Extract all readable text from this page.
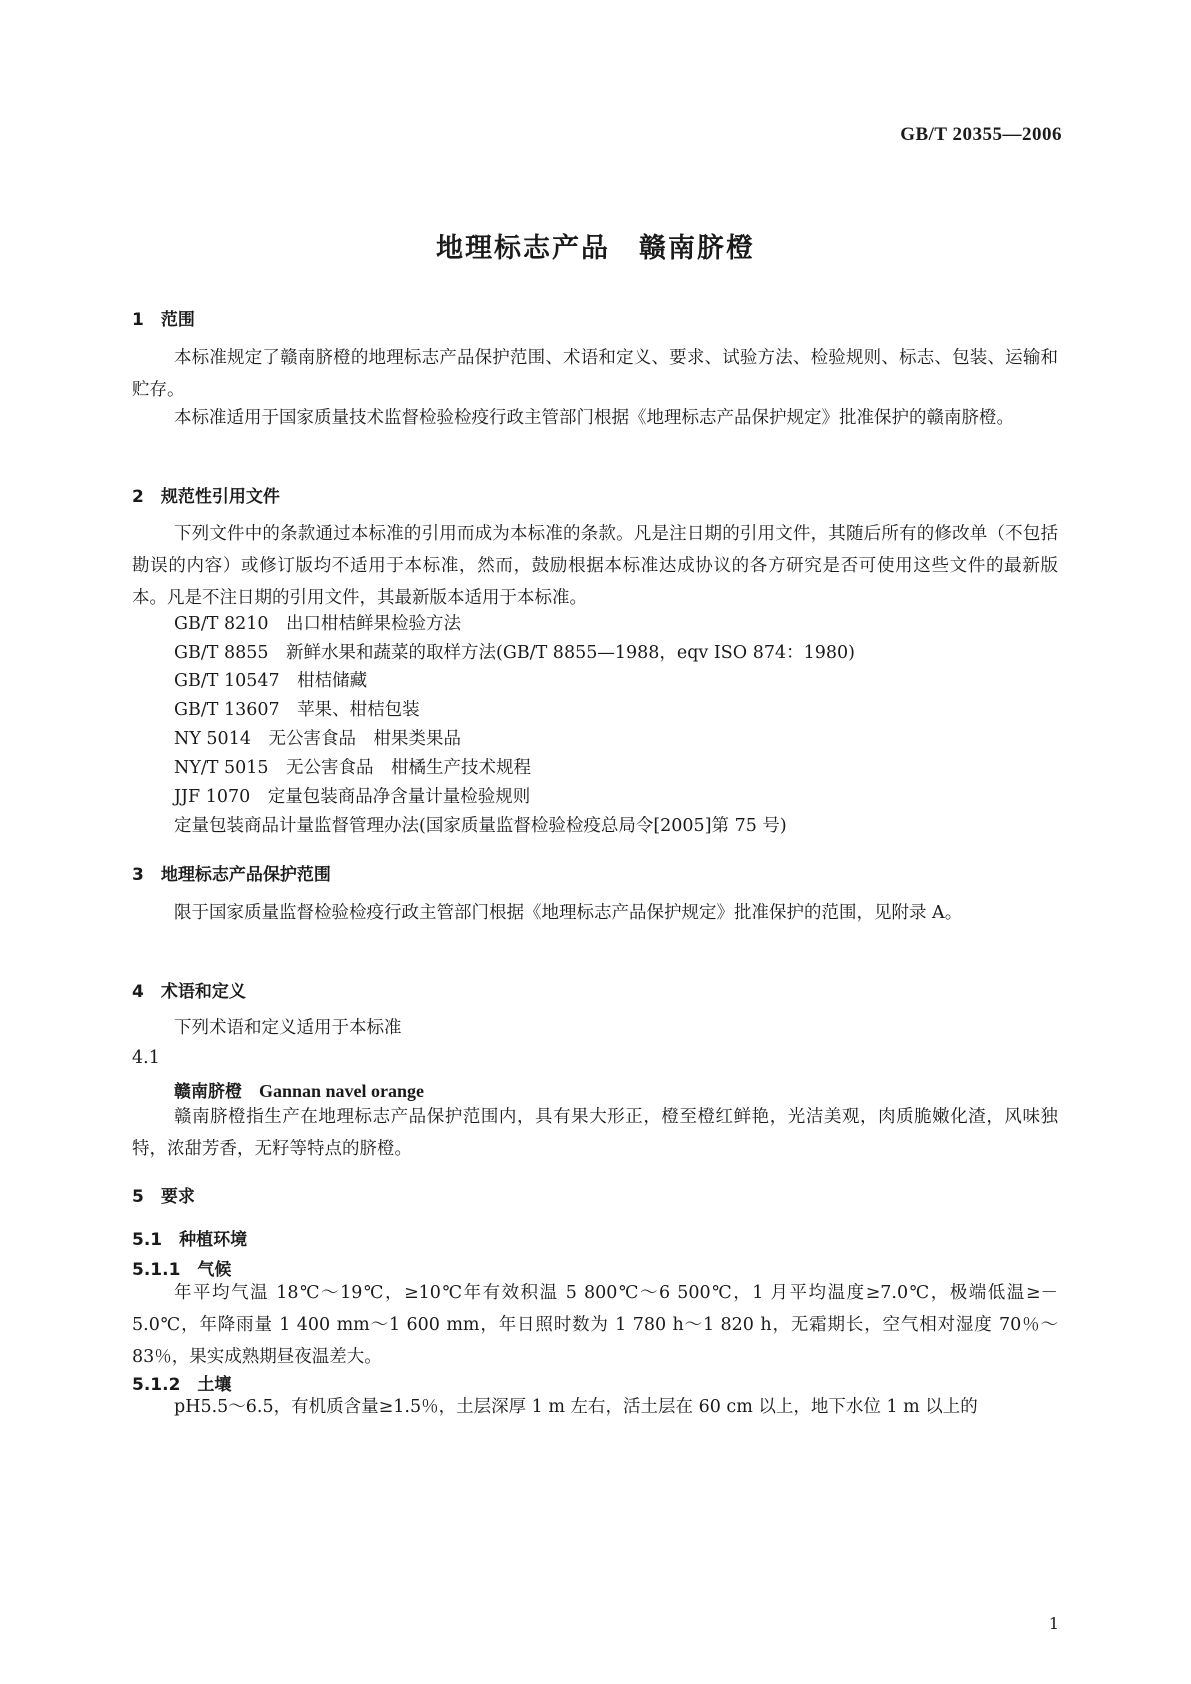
GB/T 20355—2006
地理标志产品　赣南脐橙
1　范围
本标准规定了赣南脐橙的地理标志产品保护范围、术语和定义、要求、试验方法、检验规则、标志、包装、运输和贮存。
本标准适用于国家质量技术监督检验检疫行政主管部门根据《地理标志产品保护规定》批准保护的赣南脐橙。
2　规范性引用文件
下列文件中的条款通过本标准的引用而成为本标准的条款。凡是注日期的引用文件，其随后所有的修改单（不包括勘误的内容）或修订版均不适用于本标准，然而，鼓励根据本标准达成协议的各方研究是否可使用这些文件的最新版本。凡是不注日期的引用文件，其最新版本适用于本标准。
GB/T 8210　出口柑桔鲜果检验方法
GB/T 8855　新鲜水果和蔬菜的取样方法(GB/T 8855—1988，eqv ISO 874：1980)
GB/T 10547　柑桔储藏
GB/T 13607　苹果、柑桔包装
NY 5014　无公害食品　柑果类果品
NY/T 5015　无公害食品　柑橘生产技术规程
JJF 1070　定量包装商品净含量计量检验规则
定量包装商品计量监督管理办法(国家质量监督检验检疫总局令[2005]第 75 号)
3　地理标志产品保护范围
限于国家质量监督检验检疫行政主管部门根据《地理标志产品保护规定》批准保护的范围，见附录 A。
4　术语和定义
下列术语和定义适用于本标准
4.1
赣南脐橙　 Gannan navel orange
赣南脐橙指生产在地理标志产品保护范围内，具有果大形正，橙至橙红鲜艳，光洁美观，肉质脆嫩化渣，风味独特，浓甜芳香，无籽等特点的脐橙。
5　要求
5.1　种植环境
5.1.1　气候
年平均气温 18℃～19℃，≥10℃年有效积温 5 800℃～6 500℃，1 月平均温度≥7.0℃，极端低温≥－5.0℃，年降雨量 1 400 mm～1 600 mm，年日照时数为 1 780 h～1 820 h，无霜期长，空气相对湿度 70％～83％，果实成熟期昼夜温差大。
5.1.2　土壤
pH5.5～6.5，有机质含量≥1.5％，土层深厚 1 m 左右，活土层在 60 cm 以上，地下水位 1 m 以上的
1
